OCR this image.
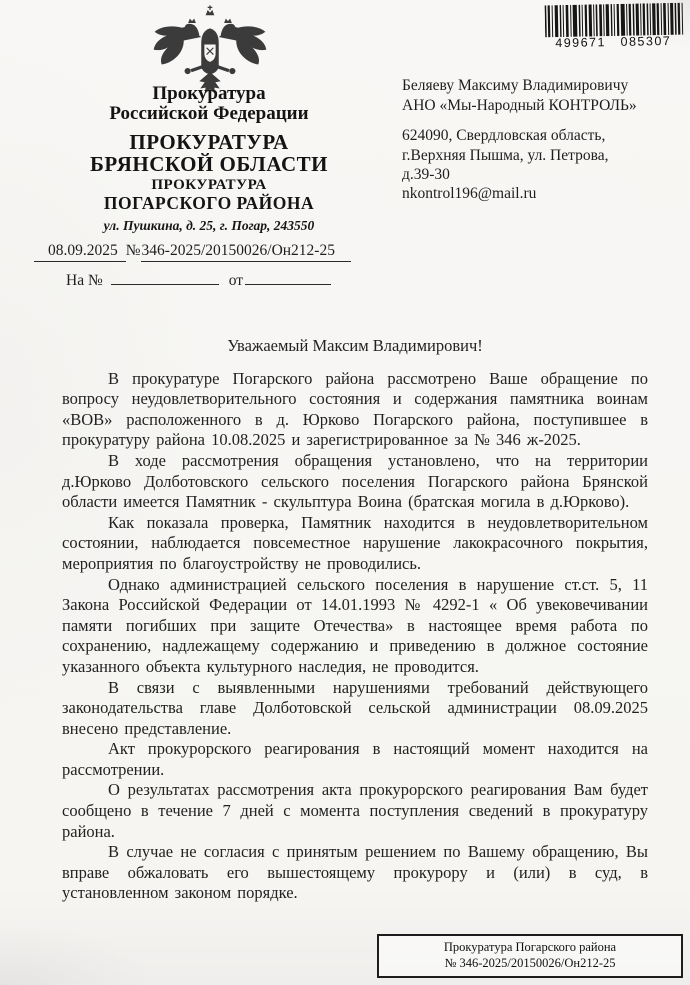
Прокуратура
Российской Федерации
ПРОКУРАТУРА
БРЯНСКОЙ ОБЛАСТИ
ПРОКУРАТУРА
ПОГАРСКОГО РАЙОНА
ул. Пушкина, д. 25, г. Погар, 243550
499671 085307
Беляеву Максиму Владимировичу
АНО «Мы-Народный КОНТРОЛЬ»
624090, Свердловская область,
г.Верхняя Пышма, ул. Петрова,
д.39-30
nkontrol196@mail.ru
08.09.2025 №346-2025/20150026/Он212-25
На №	от

Уважаемый Максим Владимирович!

В прокуратуре Погарского района рассмотрено Ваше обращение по вопросу неудовлетворительного состояния и содержания памятника воинам «ВОВ» расположенного в д. Юрково Погарского района, поступившее в прокуратуру района 10.08.2025 и зарегистрированное за № 346 ж-2025.

В ходе рассмотрения обращения установлено, что на территории д.Юрково Долботовского сельского поселения Погарского района Брянской области имеется Памятник - скульптура Воина (братская могила в д.Юрково).

Как показала проверка, Памятник находится в неудовлетворительном состоянии, наблюдается повсеместное нарушение лакокрасочного покрытия, мероприятия по благоустройству не проводились.

Однако администрацией сельского поселения в нарушение ст.ст. 5, 11 Закона Российской Федерации от 14.01.1993 № 4292-1 « Об увековечивании памяти погибших при защите Отечества» в настоящее время работа по сохранению, надлежащему содержанию и приведению в должное состояние указанного объекта культурного наследия, не проводится.

В связи с выявленными нарушениями требований действующего законодательства главе Долботовской сельской администрации 08.09.2025 внесено представление.

Акт прокурорского реагирования в настоящий момент находится на рассмотрении.

О результатах рассмотрения акта прокурорского реагирования Вам будет сообщено в течение 7 дней с момента поступления сведений в прокуратуру района.

В случае не согласия с принятым решением по Вашему обращению, Вы вправе обжаловать его вышестоящему прокурору и (или) в суд, в установленном законом порядке.

Прокуратура Погарского района
№ 346-2025/20150026/Он212-25
